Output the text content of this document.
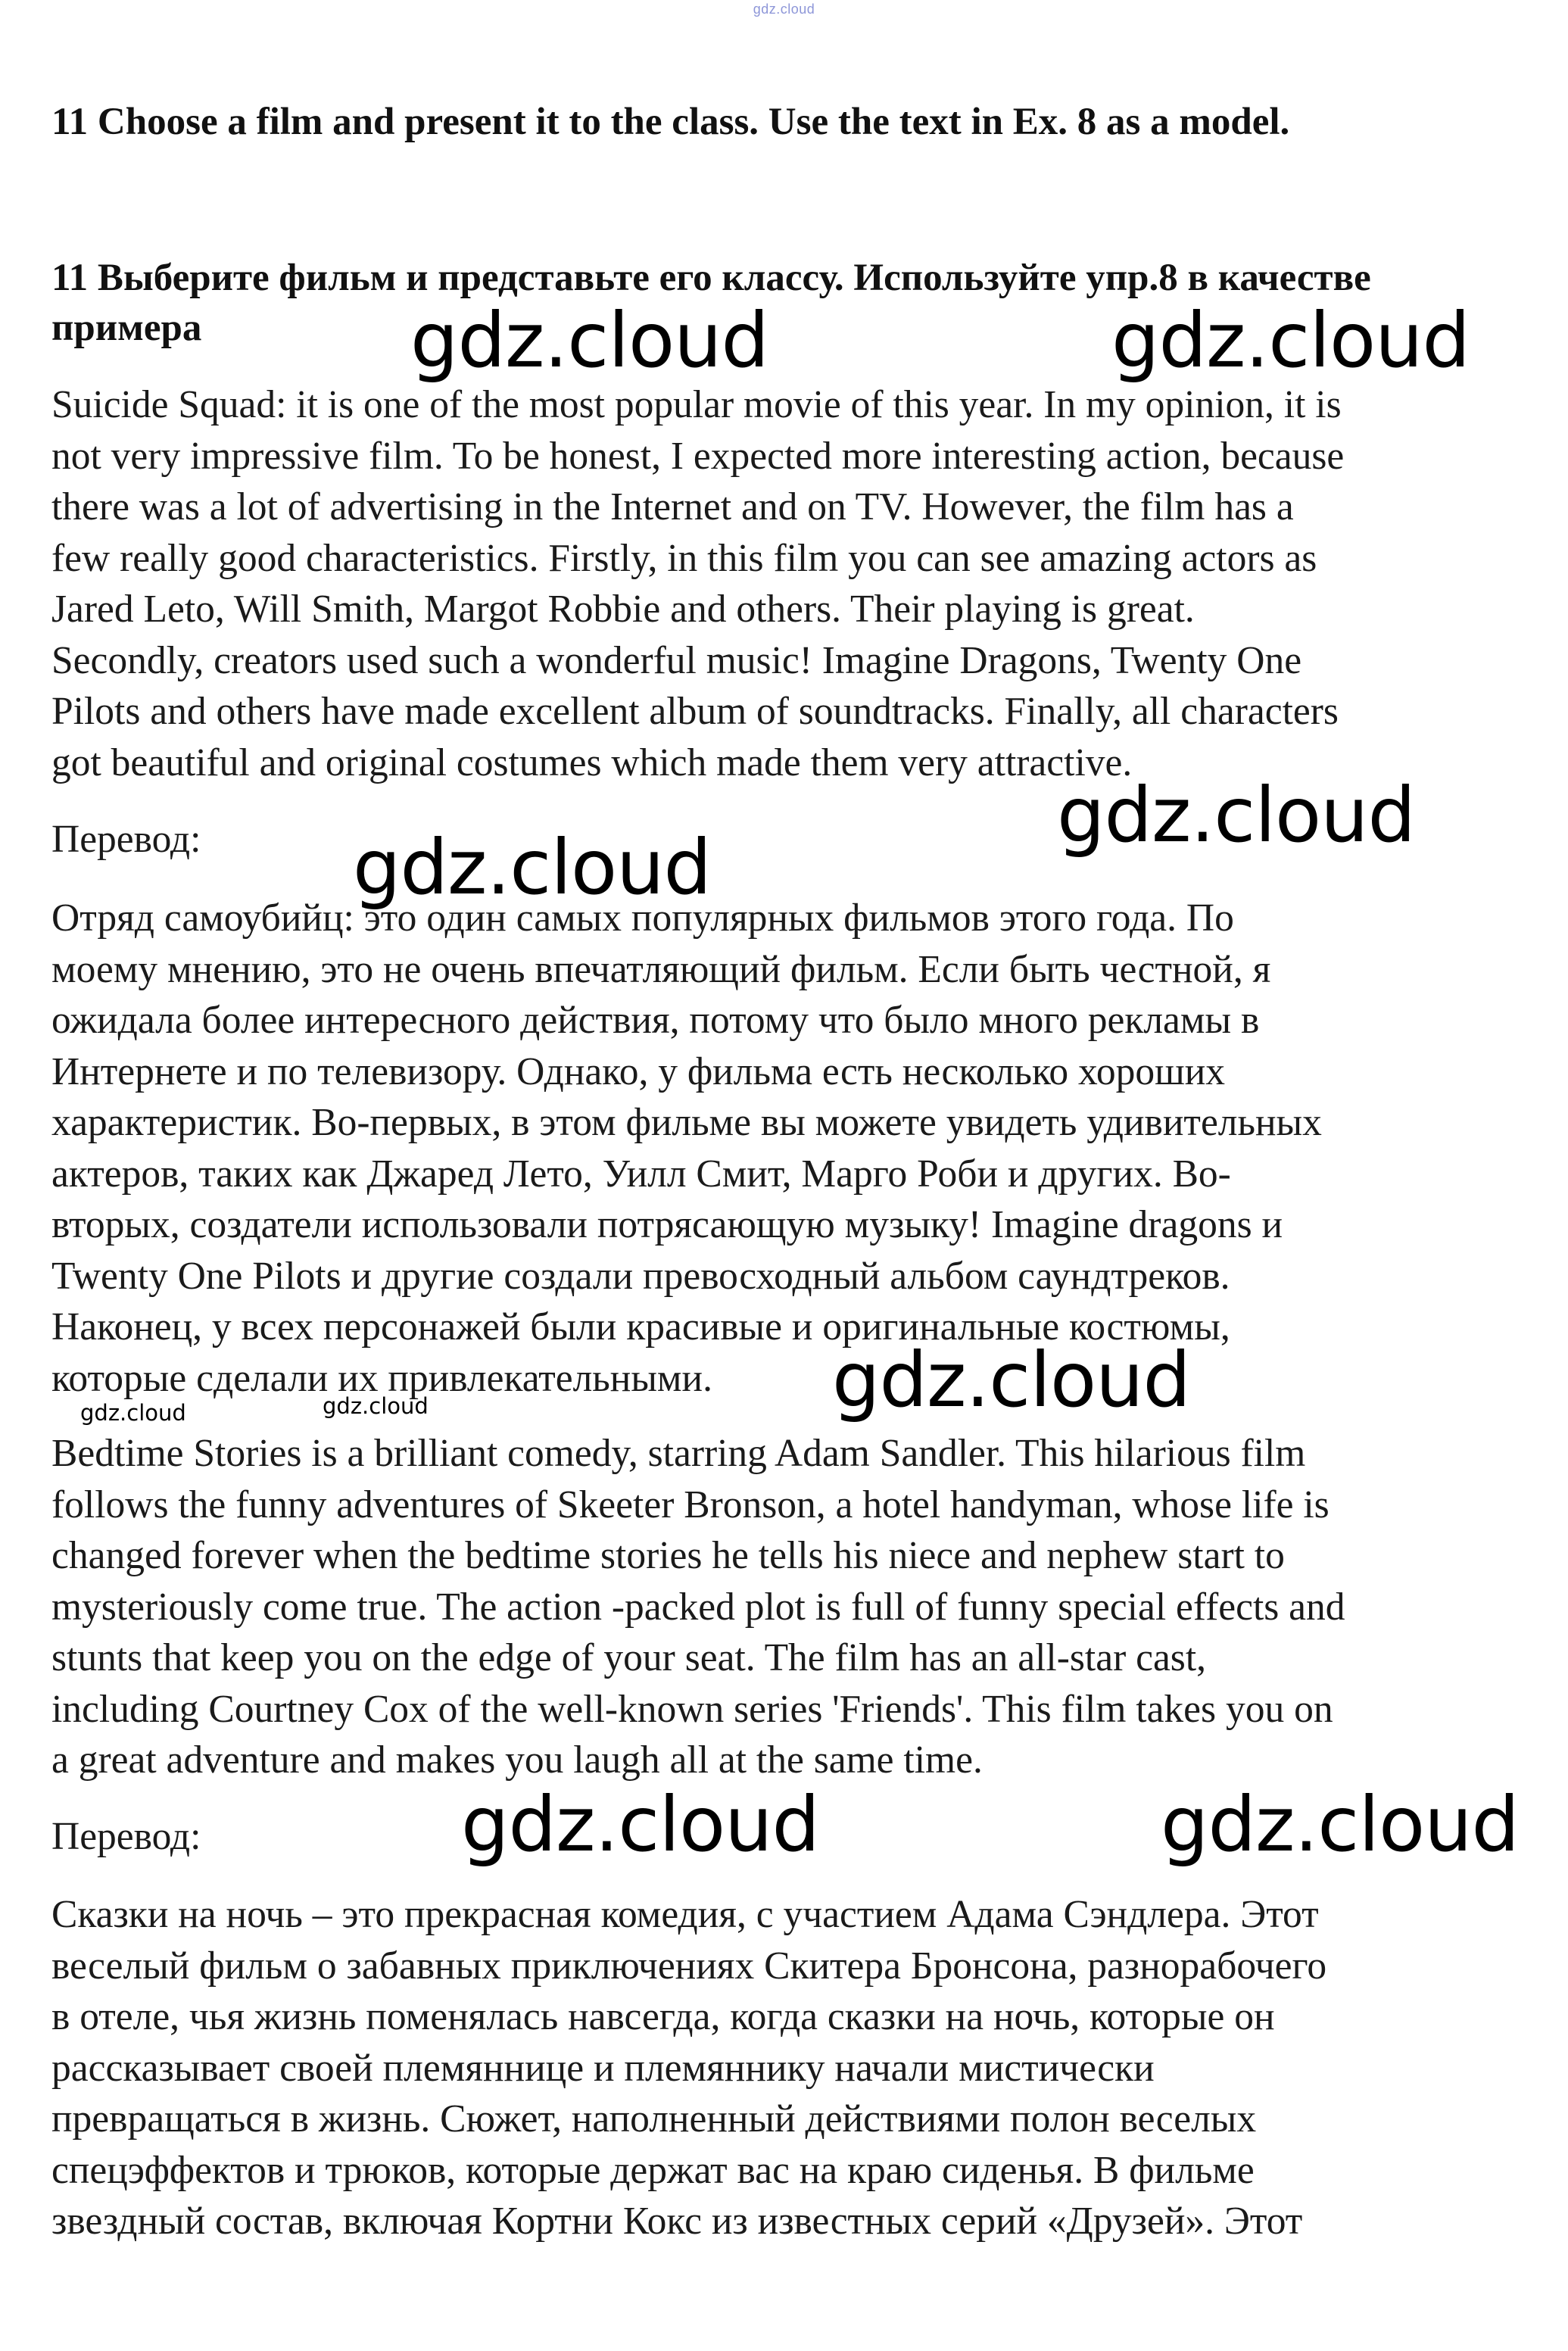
gdz.cloud
11 Choose a film and present it to the class. Use the text in Ex. 8 as a model.
11 Выберите фильм и представьте его классу. Используйте упр.8 в качестве примера
Suicide Squad: it is one of the most popular movie of this year. In my opinion, it is
not very impressive film. To be honest, I expected more interesting action, because
there was a lot of advertising in the Internet and on TV. However, the film has a
few really good characteristics. Firstly, in this film you can see amazing actors as
Jared Leto, Will Smith, Margot Robbie and others. Their playing is great.
Secondly, creators used such a wonderful music! Imagine Dragons, Twenty One
Pilots and others have made excellent album of soundtracks. Finally, all characters
got beautiful and original costumes which made them very attractive.
Перевод:
Отряд самоубийц: это один самых популярных фильмов этого года. По
моему мнению, это не очень впечатляющий фильм. Если быть честной, я
ожидала более интересного действия, потому что было много рекламы в
Интернете и по телевизору. Однако, у фильма есть несколько хороших
характеристик. Во-первых, в этом фильме вы можете увидеть удивительных
актеров, таких как Джаред Лето, Уилл Смит, Марго Роби и других. Во-
вторых, создатели использовали потрясающую музыку! Imagine dragons и
Twenty One Pilots и другие создали превосходный альбом саундтреков.
Наконец, у всех персонажей были красивые и оригинальные костюмы,
которые сделали их привлекательными.
Bedtime Stories is a brilliant comedy, starring Adam Sandler. This hilarious film
follows the funny adventures of Skeeter Bronson, a hotel handyman, whose life is
changed forever when the bedtime stories he tells his niece and nephew start to
mysteriously come true. The action -packed plot is full of funny special effects and
stunts that keep you on the edge of your seat. The film has an all-star cast,
including Courtney Cox of the well-known series 'Friends'. This film takes you on
a great adventure and makes you laugh all at the same time.
Перевод:
Сказки на ночь – это прекрасная комедия, с участием Адама Сэндлера. Этот
веселый фильм о забавных приключениях Скитера Бронсона, разнорабочего
в отеле, чья жизнь поменялась навсегда, когда сказки на ночь, которые он
рассказывает своей племяннице и племяннику начали мистически
превращаться в жизнь. Сюжет, наполненный действиями полон веселых
спецэффектов и трюков, которые держат вас на краю сиденья. В фильме
звездный состав, включая Кортни Кокс из известных серий «Друзей». Этот
gdz.cloud	gdz.cloud
gdz.cloud
gdz.cloud
gdz.cloud
gdz.cloud	gdz.cloud
gdz.cloud	gdz.cloud
